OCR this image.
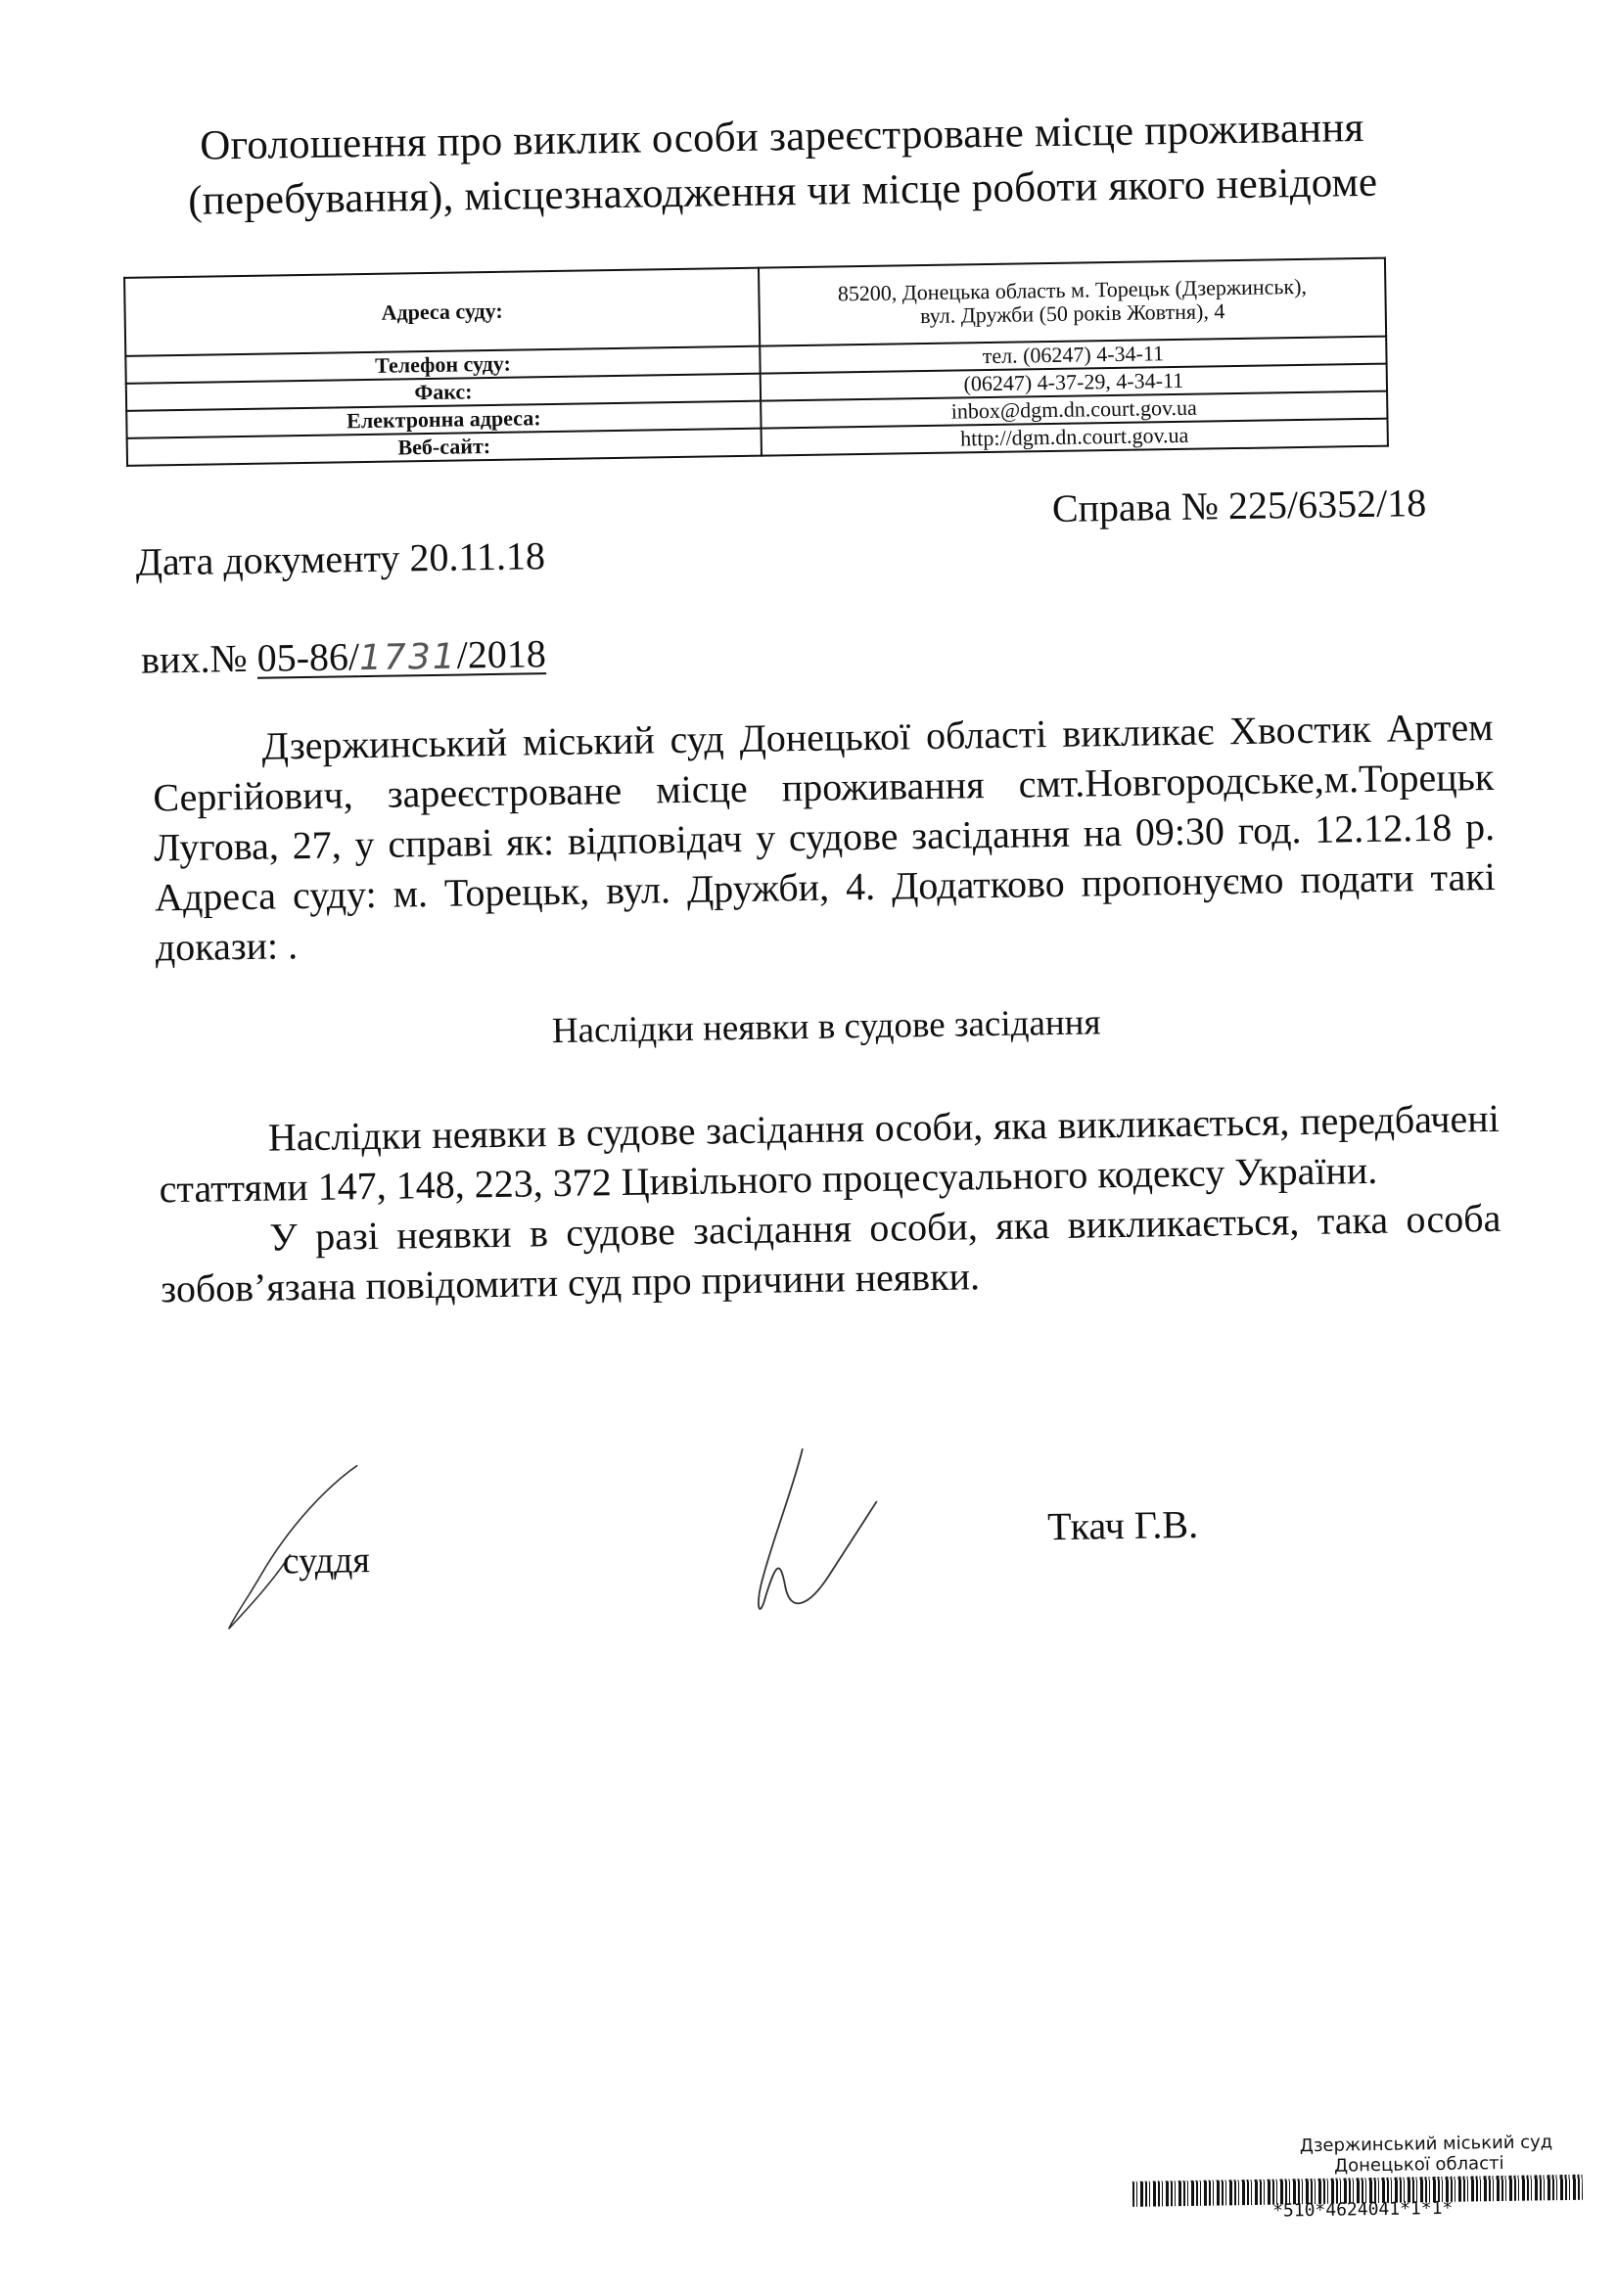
Оголошення про виклик особи зареєстроване місце проживання
(перебування), місцезнаходження чи місце роботи якого невідоме
Адреса суду:	85200, Донецька область м. Торецьк (Дзержинськ),
вул. Дружби (50 років Жовтня), 4

Телефон суду:	тел. (06247) 4-34-11
Факс:	(06247) 4-37-29, 4-34-11
Електронна адреса:	inbox@dgm.dn.court.gov.ua
Веб-сайт:	http://dgm.dn.court.gov.ua
Дата документу 20.11.18
Справа № 225/6352/18
вих.№ 05-86/1731/2018

Дзержинський міський суд Донецької області викликає Хвостик Артем Сергійович, зареєстроване місце проживання смт.Новгородське,м.Торецьк Лугова, 27, у справі як: відповідач у судове засідання на 09:30 год. 12.12.18 р. Адреса суду: м. Торецьк, вул. Дружби, 4. Додатково пропонуємо подати такі докази: .

Наслідки неявки в судове засідання

Наслідки неявки в судове засідання особи, яка викликається, передбачені статтями 147, 148, 223, 372 Цивільного процесуального кодексу України.

У разі неявки в судове засідання особи, яка викликається, така особа зобов’язана повідомити суд про причини неявки.

суддя
Ткач Г.В.
Дзержинський міський суд
Донецької області
*510*4624041*1*1*
